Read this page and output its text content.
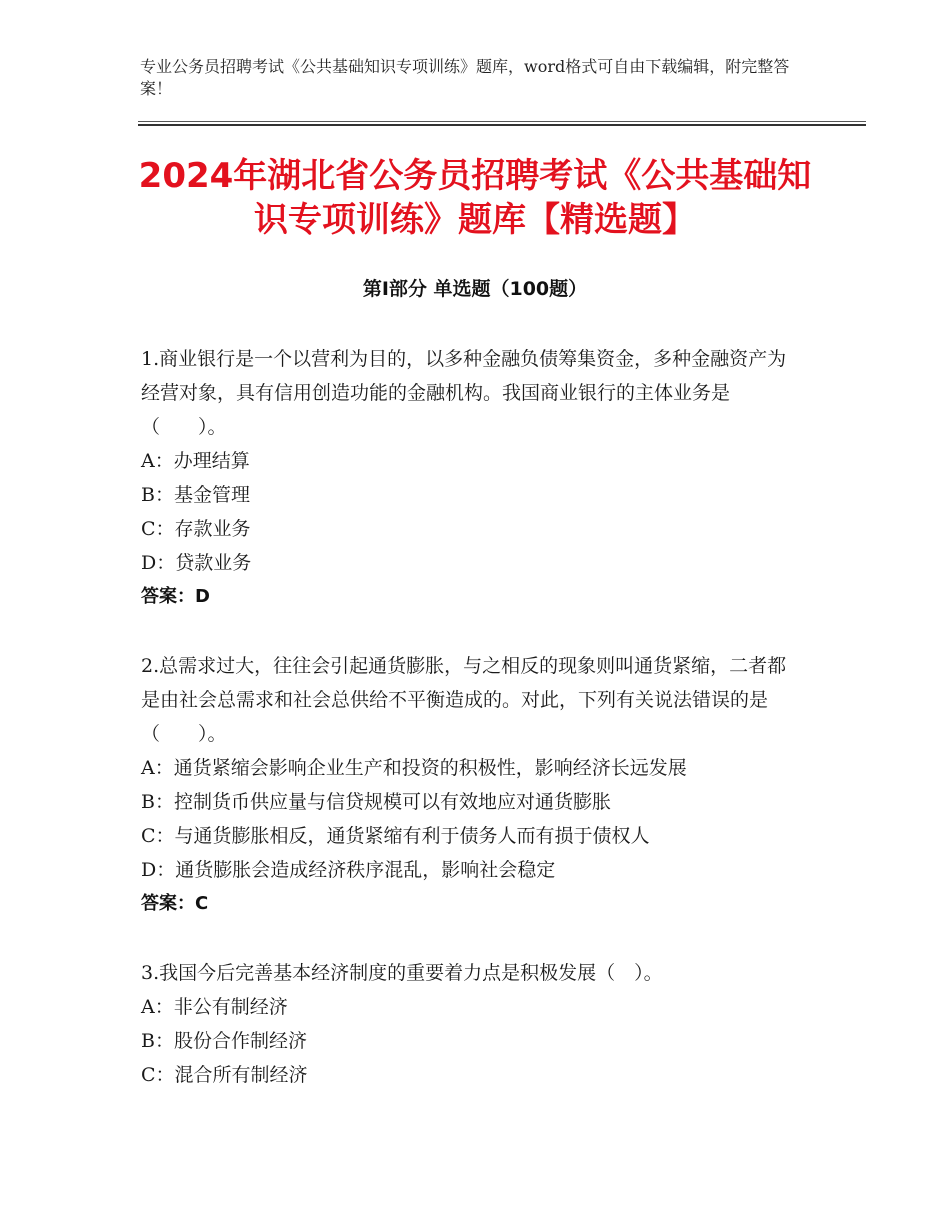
专业公务员招聘考试《公共基础知识专项训练》题库，word格式可自由下载编辑，附完整答案！
2024年湖北省公务员招聘考试《公共基础知识专项训练》题库【精选题】
第Ⅰ部分 单选题（100题）
1.商业银行是一个以营利为目的，以多种金融负债筹集资金，多种金融资产为经营对象，具有信用创造功能的金融机构。我国商业银行的主体业务是（　　）。
A：办理结算
B：基金管理
C：存款业务
D：贷款业务
答案：D
2.总需求过大，往往会引起通货膨胀，与之相反的现象则叫通货紧缩，二者都是由社会总需求和社会总供给不平衡造成的。对此，下列有关说法错误的是（　　）。
A：通货紧缩会影响企业生产和投资的积极性，影响经济长远发展
B：控制货币供应量与信贷规模可以有效地应对通货膨胀
C：与通货膨胀相反，通货紧缩有利于债务人而有损于债权人
D：通货膨胀会造成经济秩序混乱，影响社会稳定
答案：C
3.我国今后完善基本经济制度的重要着力点是积极发展（　）。
A：非公有制经济
B：股份合作制经济
C：混合所有制经济
